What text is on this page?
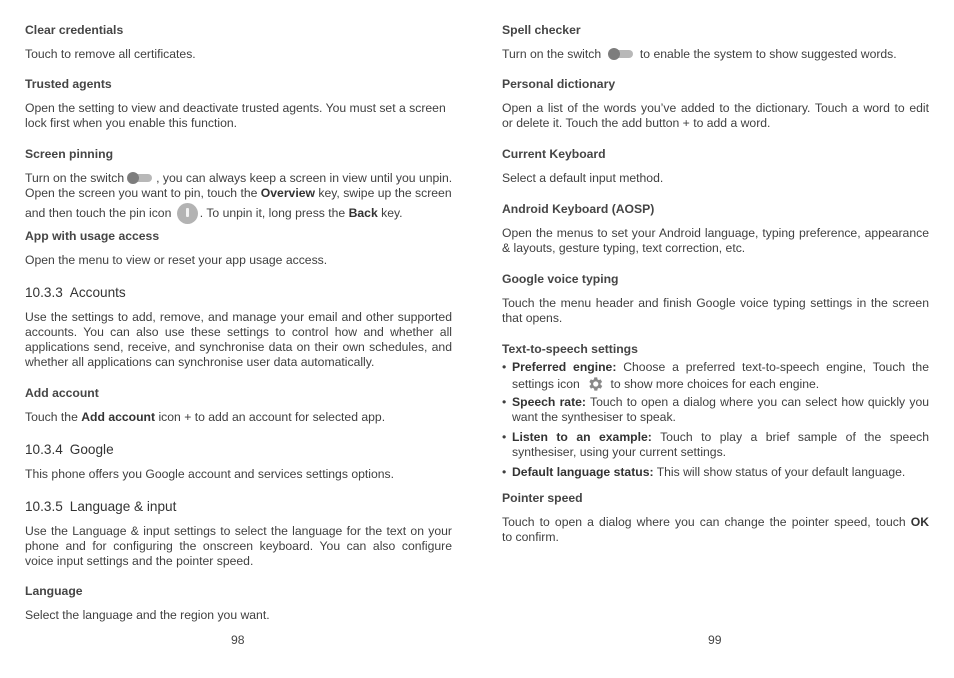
Clear credentials
Touch to remove all certificates.
Trusted agents
Open the setting to view and deactivate trusted agents. You must set a screen
lock first when you enable this function.
Screen pinning
Turn on the switch	, you can always keep a screen in view until you unpin.
Open the screen you want to pin, touch the Overview key, swipe up the screen
and then touch the pin icon . To unpin it, long press the Back key.
App with usage access
Open the menu to view or reset your app usage access.
10.3.3 Accounts
Use the settings to add, remove, and manage your email and other supported
accounts. You can also use these settings to control how and whether all
applications send, receive, and synchronise data on their own schedules, and
whether all applications can synchronise user data automatically.
Add account
Touch the Add account icon + to add an account for selected app.
10.3.4 Google
This phone offers you Google account and services settings options.
10.3.5 Language & input
Use the Language & input settings to select the language for the text on your
phone and for configuring the onscreen keyboard. You can also configure
voice input settings and the pointer speed.
Language
Select the language and the region you want.
98
Spell checker
Turn on the switch	to enable the system to show suggested words.
Personal dictionary
Open a list of the words you’ve added to the dictionary. Touch a word to edit
or delete it. Touch the add button + to add a word.
Current Keyboard
Select a default input method.
Android Keyboard (AOSP)
Open the menus to set your Android language, typing preference, appearance
& layouts, gesture typing, text correction, etc.
Google voice typing
Touch the menu header and finish Google voice typing settings in the screen
that opens.
Text-to-speech settings
• Preferred engine: Choose a preferred text-to-speech engine, Touch the
settings icon	to show more choices for each engine.
• Speech rate: Touch to open a dialog where you can select how quickly you
want the synthesiser to speak.
• Listen to an example: Touch to play a brief sample of the speech
synthesiser, using your current settings.
• Default language status: This will show status of your default language.
Pointer speed
Touch to open a dialog where you can change the pointer speed, touch OK
to confirm.
99
